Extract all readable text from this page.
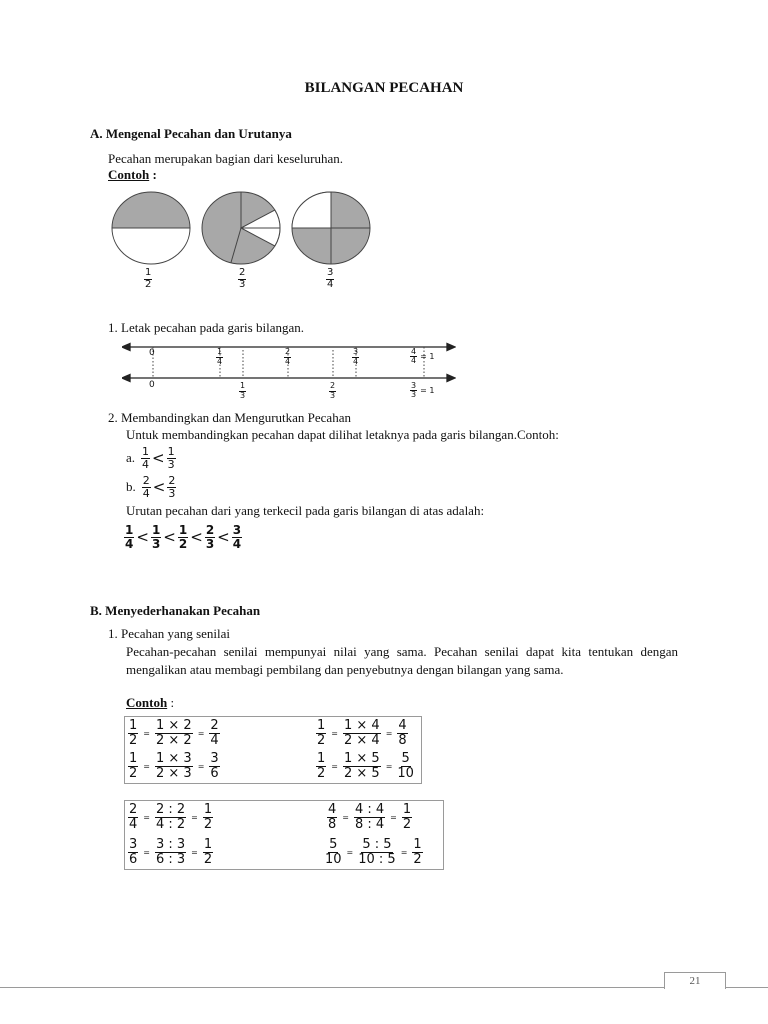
BILANGAN PECAHAN
A. Mengenal Pecahan dan Urutanya
Pecahan merupakan bagian dari keseluruhan.
Contoh :
$\frac{1}{2}$	$\frac{2}{3}$	$\frac{3}{4}$
1. Letak pecahan pada garis bilangan.
0	$\frac{1}{4}$	$\frac{2}{4}$	$\frac{3}{4}$	$\frac{4}{4} = 1$
0	$\frac{1}{3}$	$\frac{2}{3}$	$\frac{3}{3} = 1$
2. Membandingkan dan Mengurutkan Pecahan
Untuk membandingkan pecahan dapat dilihat letaknya pada garis bilangan.Contoh:
a. $\frac{1}{4} < \frac{1}{3}$
b. $\frac{2}{4} < \frac{2}{3}$
Urutan pecahan dari yang terkecil pada garis bilangan di atas adalah:
$\frac{1}{4} < \frac{1}{3} < \frac{1}{2} < \frac{2}{3} < \frac{3}{4}$
B. Menyederhanakan Pecahan
1. Pecahan yang senilai
Pecahan-pecahan senilai mempunyai nilai yang sama. Pecahan senilai dapat kita tentukan dengan mengalikan atau membagi pembilang dan penyebutnya dengan bilangan yang sama.
Contoh :
$\frac{1}{2} = \frac{1 \times 2}{2 \times 2} = \frac{2}{4}$	$\frac{1}{2} = \frac{1 \times 4}{2 \times 4} = \frac{4}{8}$
$\frac{1}{2} = \frac{1 \times 3}{2 \times 3} = \frac{3}{6}$	$\frac{1}{2} = \frac{1 \times 5}{2 \times 5} = \frac{5}{10}$
$\frac{2}{4} = \frac{2 : 2}{4 : 2} = \frac{1}{2}$	$\frac{4}{8} = \frac{4 : 4}{8 : 4} = \frac{1}{2}$
$\frac{3}{6} = \frac{3 : 3}{6 : 3} = \frac{1}{2}$	$\frac{5}{10} = \frac{5 : 5}{10 : 5} = \frac{1}{2}$
21
